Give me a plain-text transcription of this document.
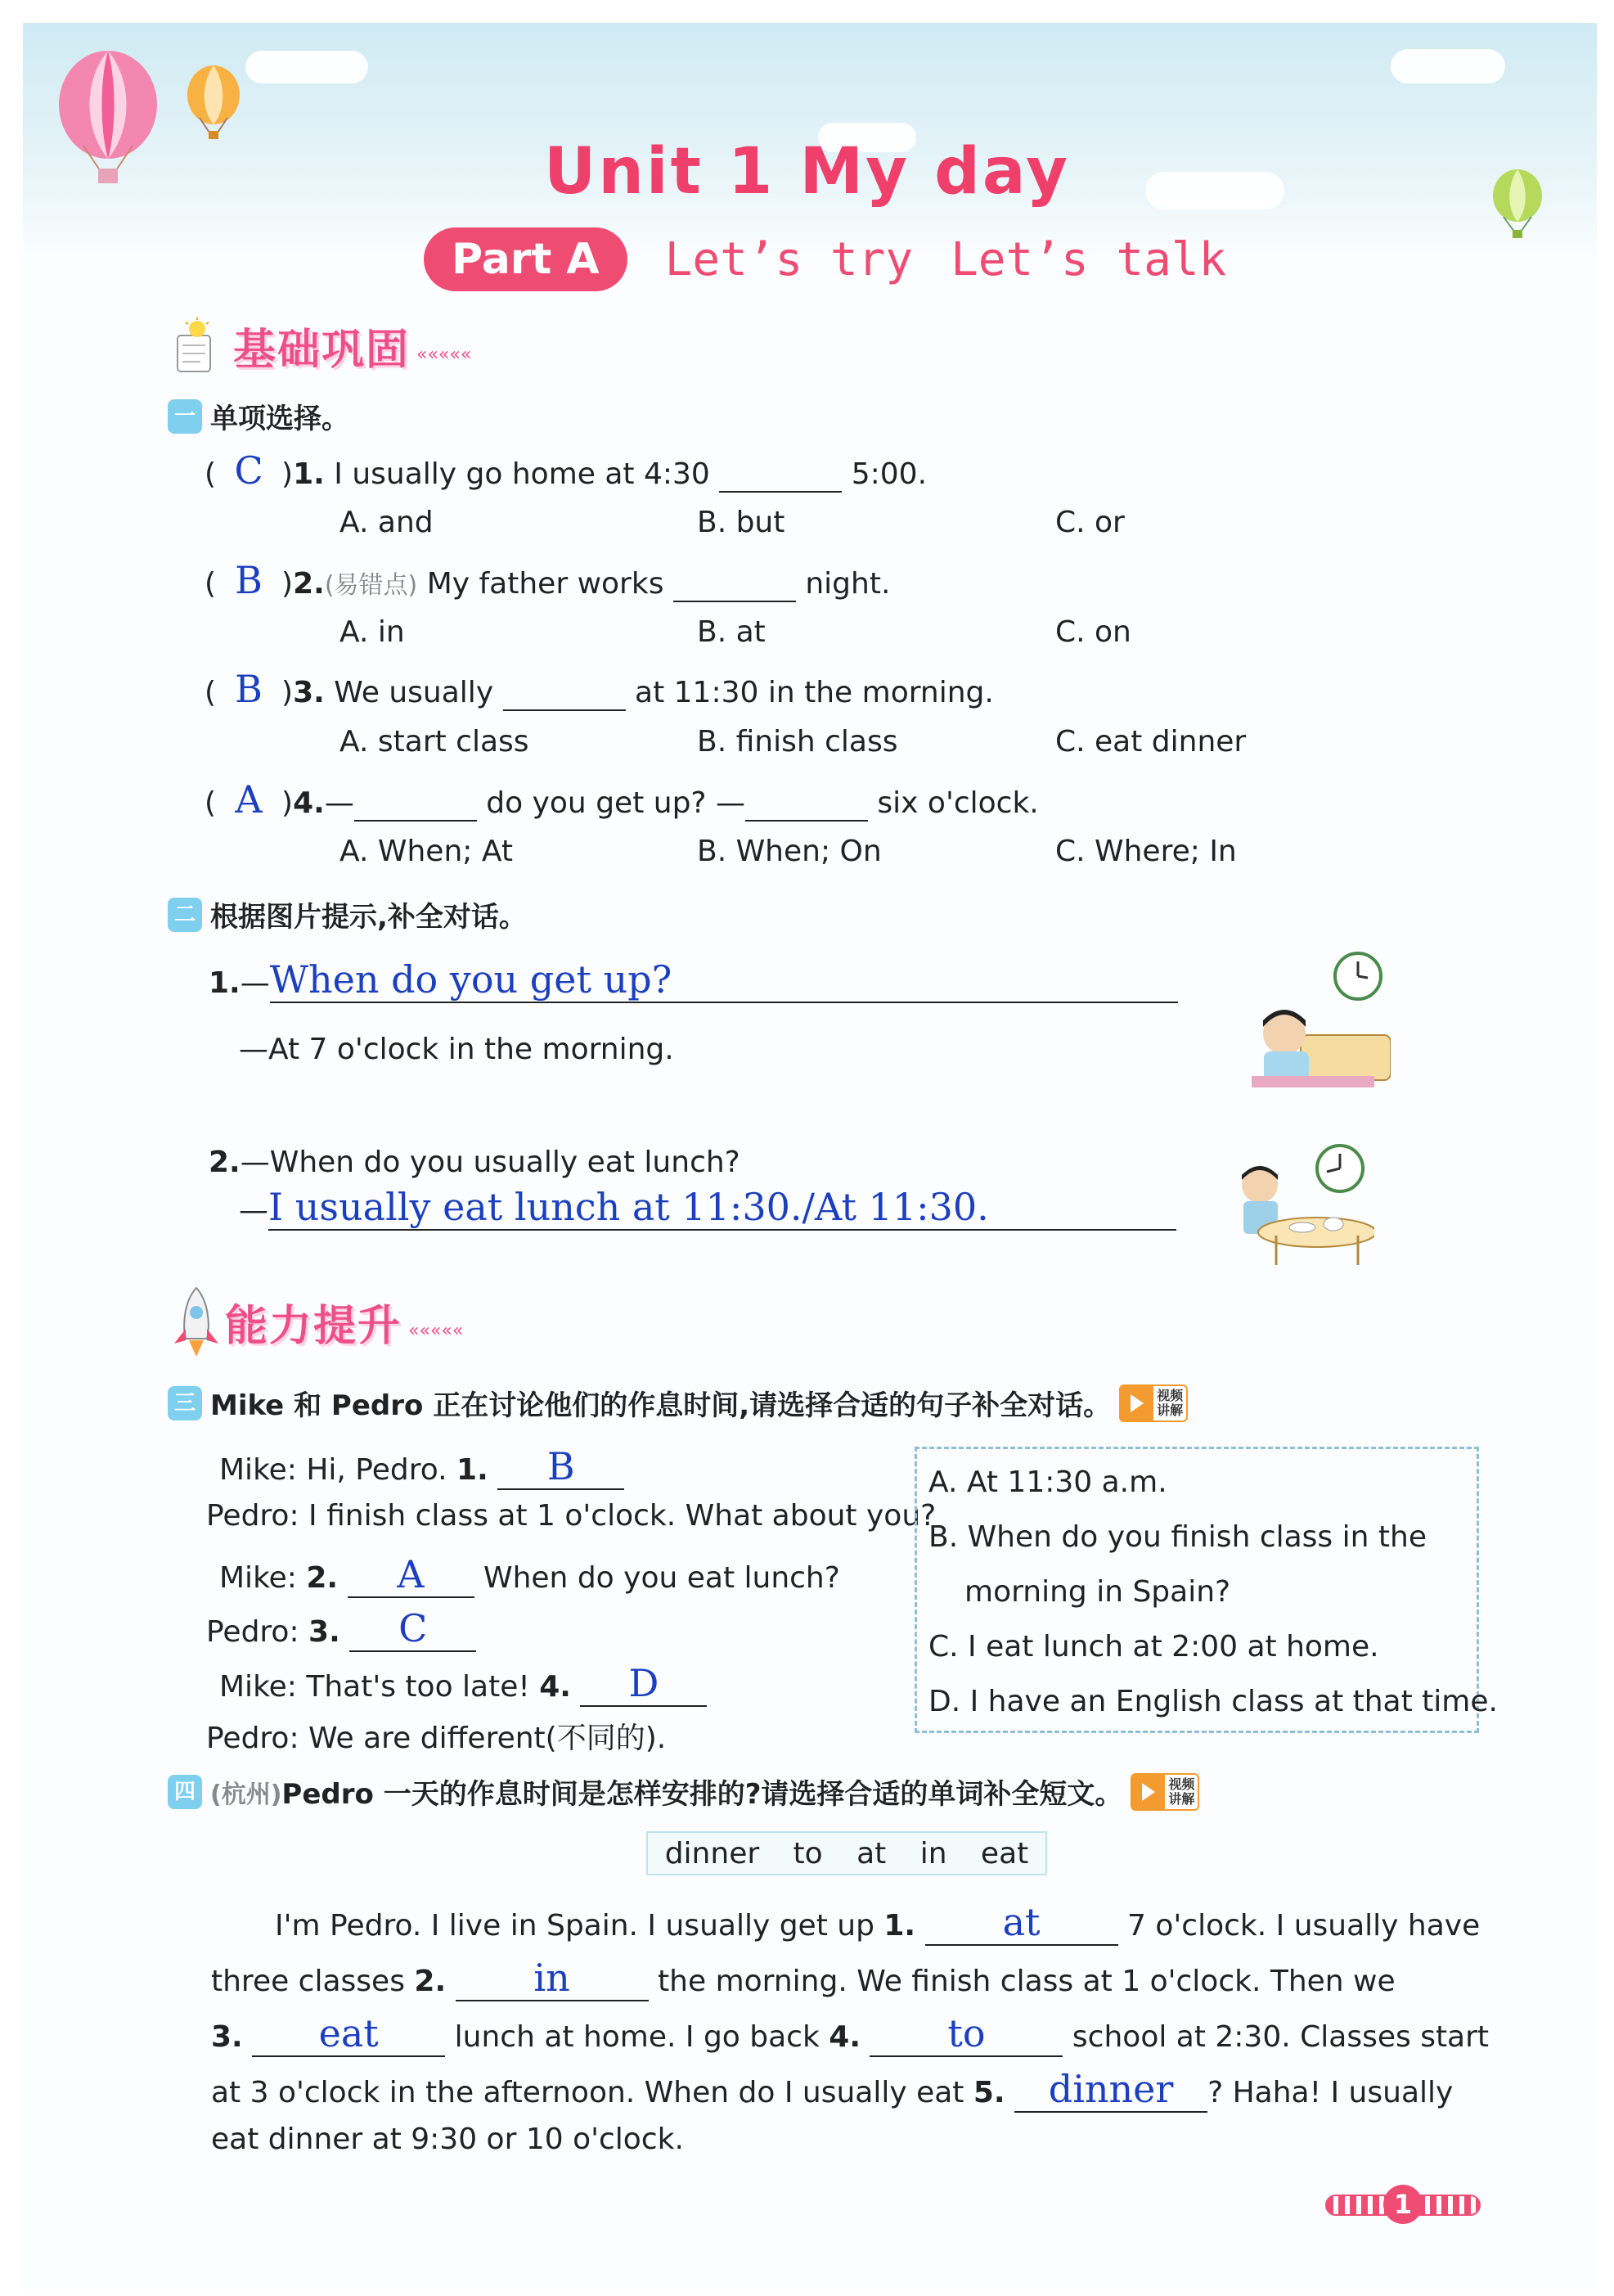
Unit 1 My day
Part A	Let’s try Let’s talk
基础巩固 «««««
一 单项选择。
( C )1. I usually go home at 4:30	5:00.
A. and	B. but	C. or
( B )2.(易错点) My father works	night.
A. in	B. at	C. on
( B )3. We usually	at 11:30 in the morning.
A. start class	B. finish class	C. eat dinner
( A )4.—	do you get up? —	six o'clock.
A. When; At	B. When; On	C. Where; In
二 根据图片提示,补全对话。
1.—When do you get up?
—At 7 o'clock in the morning.
2.—When do you usually eat lunch?
—I usually eat lunch at 11:30./At 11:30.
能力提升 «««««
三 Mike 和 Pedro 正在讨论他们的作息时间,请选择合适的句子补全对话。	视频讲解
Mike: Hi, Pedro. 1. B
Pedro: I finish class at 1 o'clock. What about you?
Mike: 2. A When do you eat lunch?
Pedro: 3. C
Mike: That's too late! 4. D
Pedro: We are different(不同的).
A. At 11:30 a.m.
B. When do you finish class in the
morning in Spain?
C. I eat lunch at 2:00 at home.
D. I have an English class at that time.
四 (杭州) Pedro 一天的作息时间是怎样安排的?请选择合适的单词补全短文。	视频讲解
dinner to at in eat
I'm Pedro. I live in Spain. I usually get up 1. at	7 o'clock. I usually have
three classes 2. in	the morning. We finish class at 1 o'clock. Then we
3. eat	lunch at home. I go back 4. to	school at 2:30. Classes start
at 3 o'clock in the afternoon. When do I usually eat 5. dinner ? Haha! I usually
eat dinner at 9:30 or 10 o'clock.
1
